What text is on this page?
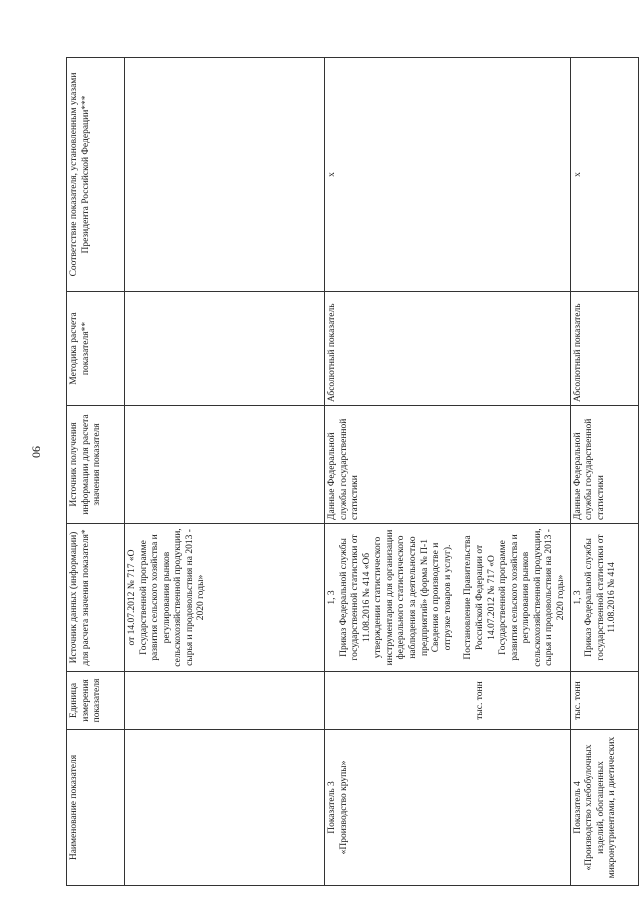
90
Наименование показателя	Единица измерения показателя	Источник данных (информации) для расчета значения показателя*	Источник получения информации для расчета значения показателя	Методика расчета показателя**	Соответствие показателя, установленным указами Президента Российской Федерации***

		от 14.07.2012 № 717 «О Государственной программе развития сельского хозяйства и регулирования рынков сельскохозяйственной продукции, сырья и продовольствия на 2013 - 2020 годы»			

Показатель 3 «Производство крупы»	тыс. тонн	1, 3 Приказ Федеральной службы государственной статистики от 11.08.2016 № 414 «Об утверждении статистического инструментария для организации федерального статистического наблюдения за деятельностью предприятий» (форма № П-1 Сведения о производстве и отгрузке товаров и услуг). Постановление Правительства Российской Федерации от 14.07.2012 № 717 «О Государственной программе развития сельского хозяйства и регулирования рынков сельскохозяйственной продукции, сырья и продовольствия на 2013 - 2020 годы»	Данные Федеральной службы государственной статистики	Абсолютный показатель	х

Показатель 4 «Производство хлебобулочных изделий, обогащенных микронутриентами, и диетических	тыс. тонн	1, 3 Приказ Федеральной службы государственной статистики от 11.08.2016 № 414	Данные Федеральной службы государственной статистики	Абсолютный показатель	х
